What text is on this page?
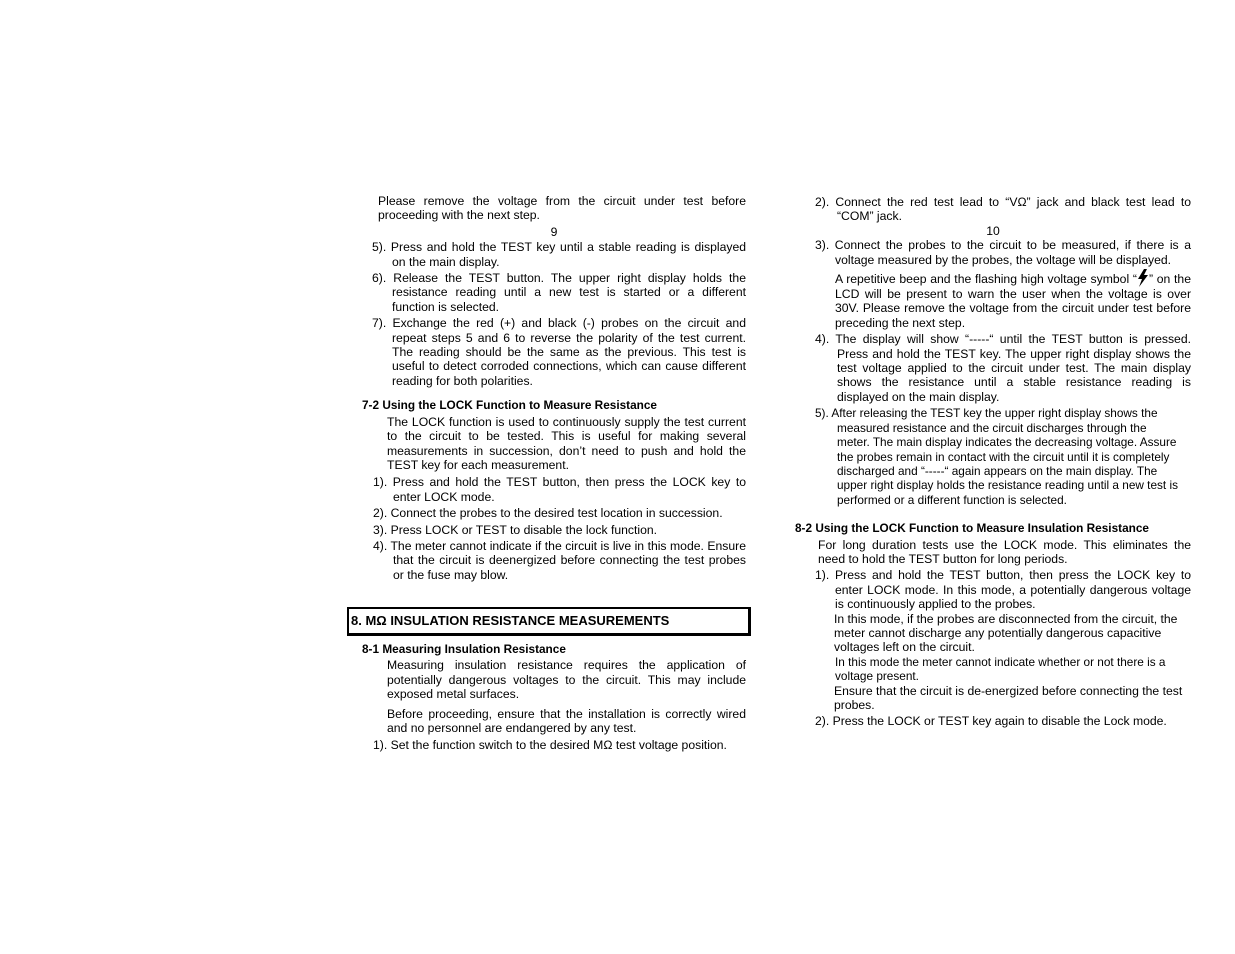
Please remove the voltage from the circuit under test before proceeding with the next step.

9

5). Press and hold the TEST key until a stable reading is displayed on the main display.

6). Release the TEST button. The upper right display holds the resistance reading until a new test is started or a different function is selected.

7). Exchange the red (+) and black (-) probes on the circuit and repeat steps 5 and 6 to reverse the polarity of the test current. The reading should be the same as the previous. This test is useful to detect corroded connections, which can cause different reading for both polarities.

7-2 Using the LOCK Function to Measure Resistance

The LOCK function is used to continuously supply the test current to the circuit to be tested. This is useful for making several measurements in succession, don’t need to push and hold the TEST key for each measurement.

1). Press and hold the TEST button, then press the LOCK key to enter LOCK mode.

2). Connect the probes to the desired test location in succession.

3). Press LOCK or TEST to disable the lock function.

4). The meter cannot indicate if the circuit is live in this mode. Ensure that the circuit is deenergized before connecting the test probes or the fuse may blow.

8. MΩ INSULATION RESISTANCE MEASUREMENTS
8-1 Measuring Insulation Resistance

Measuring insulation resistance requires the application of potentially dangerous voltages to the circuit. This may include exposed metal surfaces.

Before proceeding, ensure that the installation is correctly wired and no personnel are endangered by any test.

1). Set the function switch to the desired MΩ test voltage position.

2). Connect the red test lead to “VΩ” jack and black test lead to “COM” jack.

10

3). Connect the probes to the circuit to be measured, if there is a voltage measured by the probes, the voltage will be displayed.

A repetitive beep and the flashing high voltage symbol “ ” on the LCD will be present to warn the user when the voltage is over 30V. Please remove the voltage from the circuit under test before preceding the next step.

4). The display will show “-----“ until the TEST button is pressed. Press and hold the TEST key. The upper right display shows the test voltage applied to the circuit under test. The main display shows the resistance until a stable resistance reading is displayed on the main display.

5). After releasing the TEST key the upper right display shows the measured resistance and the circuit discharges through the meter. The main display indicates the decreasing voltage. Assure the probes remain in contact with the circuit until it is completely discharged and “-----“ again appears on the main display. The upper right display holds the resistance reading until a new test is performed or a different function is selected.

8-2 Using the LOCK Function to Measure Insulation Resistance

For long duration tests use the LOCK mode. This eliminates the need to hold the TEST button for long periods.

1). Press and hold the TEST button, then press the LOCK key to enter LOCK mode. In this mode, a potentially dangerous voltage is continuously applied to the probes.

In this mode, if the probes are disconnected from the circuit, the meter cannot discharge any potentially dangerous capacitive voltages left on the circuit.

In this mode the meter cannot indicate whether or not there is a voltage present.

Ensure that the circuit is de-energized before connecting the test probes.

2). Press the LOCK or TEST key again to disable the Lock mode.
